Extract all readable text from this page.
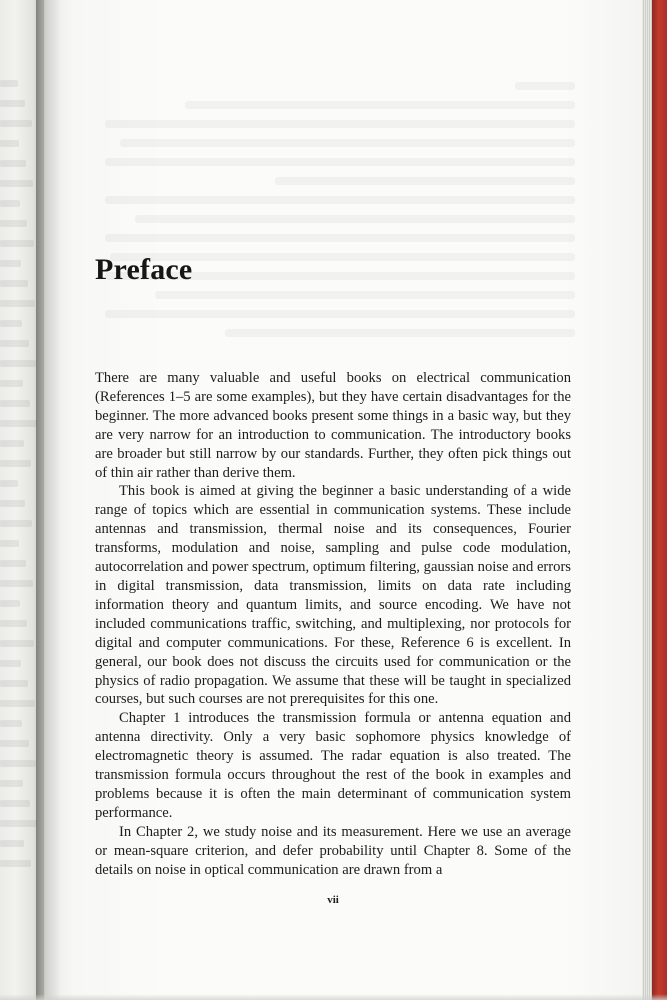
Preface

There are many valuable and useful books on electrical communication (References 1–5 are some examples), but they have certain disadvantages for the beginner. The more advanced books present some things in a basic way, but they are very narrow for an introduction to communication. The introductory books are broader but still narrow by our standards. Further, they often pick things out of thin air rather than derive them.

This book is aimed at giving the beginner a basic understanding of a wide range of topics which are essential in communication systems. These include antennas and transmission, thermal noise and its consequences, Fourier transforms, modulation and noise, sampling and pulse code modulation, autocorrelation and power spectrum, optimum filtering, gaussian noise and errors in digital transmission, data transmission, limits on data rate including information theory and quantum limits, and source encoding. We have not included communications traffic, switching, and multiplexing, nor protocols for digital and computer communications. For these, Reference 6 is excellent. In general, our book does not discuss the circuits used for communication or the physics of radio propagation. We assume that these will be taught in specialized courses, but such courses are not prerequisites for this one.

Chapter 1 introduces the transmission formula or antenna equation and antenna directivity. Only a very basic sophomore physics knowledge of electromagnetic theory is assumed. The radar equation is also treated. The transmission formula occurs throughout the rest of the book in examples and problems because it is often the main determinant of communication system performance.

In Chapter 2, we study noise and its measurement. Here we use an average or mean-square criterion, and defer probability until Chapter 8. Some of the details on noise in optical communication are drawn from a

vii
